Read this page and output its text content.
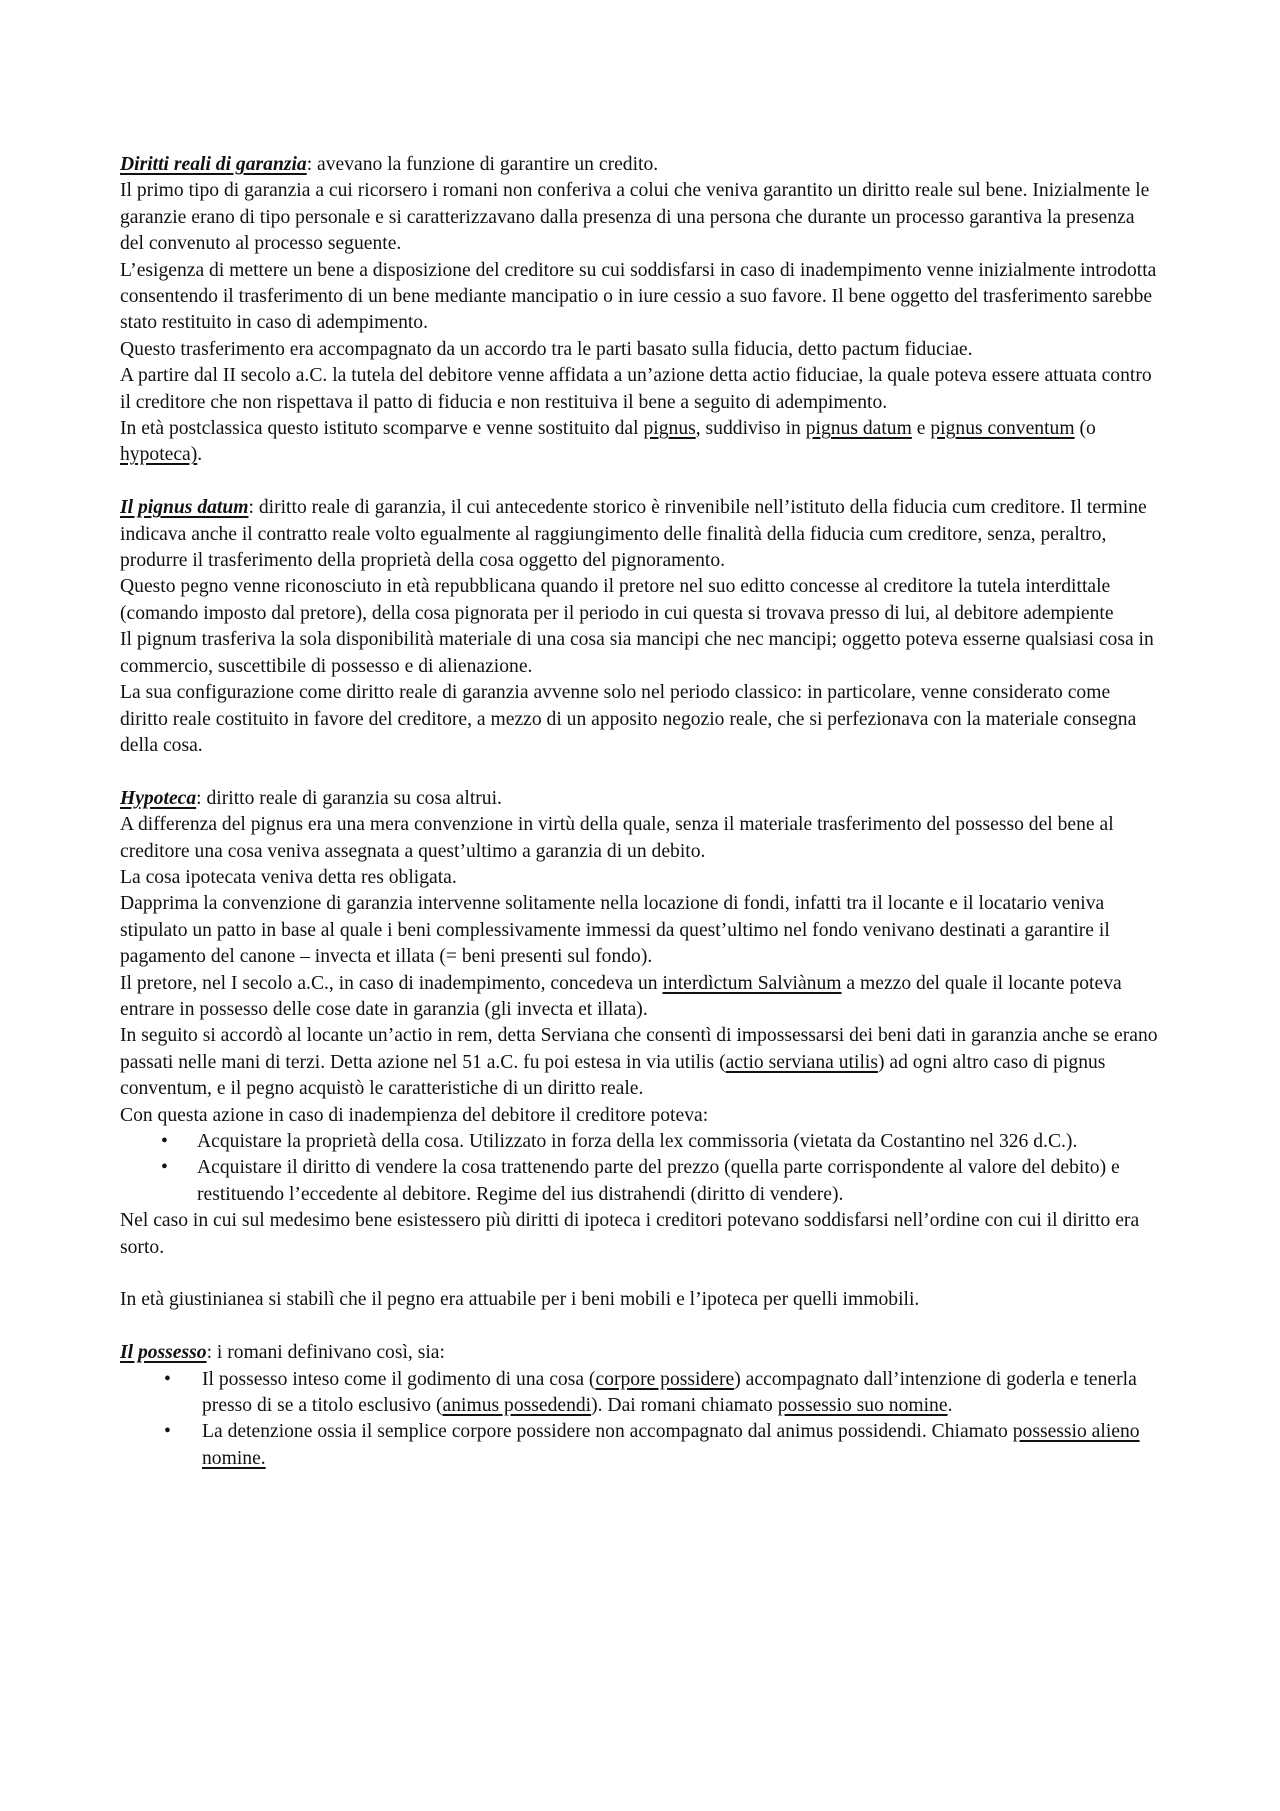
Diritti reali di garanzia: avevano la funzione di garantire un credito.

Il primo tipo di garanzia a cui ricorsero i romani non conferiva a colui che veniva garantito un diritto reale sul bene. Inizialmente le garanzie erano di tipo personale e si caratterizzavano dalla presenza di una persona che durante un processo garantiva la presenza del convenuto al processo seguente.

L’esigenza di mettere un bene a disposizione del creditore su cui soddisfarsi in caso di inadempimento venne inizialmente introdotta consentendo il trasferimento di un bene mediante mancipatio o in iure cessio a suo favore. Il bene oggetto del trasferimento sarebbe stato restituito in caso di adempimento.

Questo trasferimento era accompagnato da un accordo tra le parti basato sulla fiducia, detto pactum fiduciae.

A partire dal II secolo a.C. la tutela del debitore venne affidata a un’azione detta actio fiduciae, la quale poteva essere attuata contro il creditore che non rispettava il patto di fiducia e non restituiva il bene a seguito di adempimento.

In età postclassica questo istituto scomparve e venne sostituito dal pignus, suddiviso in pignus datum e pignus conventum (o hypoteca).

Il pignus datum: diritto reale di garanzia, il cui antecedente storico è rinvenibile nell’istituto della fiducia cum creditore. Il termine indicava anche il contratto reale volto egualmente al raggiungimento delle finalità della fiducia cum creditore, senza, peraltro, produrre il trasferimento della proprietà della cosa oggetto del pignoramento.

Questo pegno venne riconosciuto in età repubblicana quando il pretore nel suo editto concesse al creditore la tutela interdittale (comando imposto dal pretore), della cosa pignorata per il periodo in cui questa si trovava presso di lui, al debitore adempiente

Il pignum trasferiva la sola disponibilità materiale di una cosa sia mancipi che nec mancipi; oggetto poteva esserne qualsiasi cosa in commercio, suscettibile di possesso e di alienazione.

La sua configurazione come diritto reale di garanzia avvenne solo nel periodo classico: in particolare, venne considerato come diritto reale costituito in favore del creditore, a mezzo di un apposito negozio reale, che si perfezionava con la materiale consegna della cosa.

Hypoteca: diritto reale di garanzia su cosa altrui.

A differenza del pignus era una mera convenzione in virtù della quale, senza il materiale trasferimento del possesso del bene al creditore una cosa veniva assegnata a quest’ultimo a garanzia di un debito.

La cosa ipotecata veniva detta res obligata.

Dapprima la convenzione di garanzia intervenne solitamente nella locazione di fondi, infatti tra il locante e il locatario veniva stipulato un patto in base al quale i beni complessivamente immessi da quest’ultimo nel fondo venivano destinati a garantire il pagamento del canone – invecta et illata (= beni presenti sul fondo).

Il pretore, nel I secolo a.C., in caso di inadempimento, concedeva un interdìctum Salviànum a mezzo del quale il locante poteva entrare in possesso delle cose date in garanzia (gli invecta et illata).

In seguito si accordò al locante un’actio in rem, detta Serviana che consentì di impossessarsi dei beni dati in garanzia anche se erano passati nelle mani di terzi. Detta azione nel 51 a.C. fu poi estesa in via utilis (actio serviana utilis) ad ogni altro caso di pignus conventum, e il pegno acquistò le caratteristiche di un diritto reale.

Con questa azione in caso di inadempienza del debitore il creditore poteva:

• Acquistare la proprietà della cosa. Utilizzato in forza della lex commissoria (vietata da Costantino nel 326 d.C.).
• Acquistare il diritto di vendere la cosa trattenendo parte del prezzo (quella parte corrispondente al valore del debito) e restituendo l’eccedente al debitore. Regime del ius distrahendi (diritto di vendere).

Nel caso in cui sul medesimo bene esistessero più diritti di ipoteca i creditori potevano soddisfarsi nell’ordine con cui il diritto era sorto.

In età giustinianea si stabilì che il pegno era attuabile per i beni mobili e l’ipoteca per quelli immobili.

Il possesso: i romani definivano così, sia:

• Il possesso inteso come il godimento di una cosa (corpore possidere) accompagnato dall’intenzione di goderla e tenerla presso di se a titolo esclusivo (animus possedendi). Dai romani chiamato possessio suo nomine.
• La detenzione ossia il semplice corpore possidere non accompagnato dal animus possidendi. Chiamato possessio alieno nomine.
